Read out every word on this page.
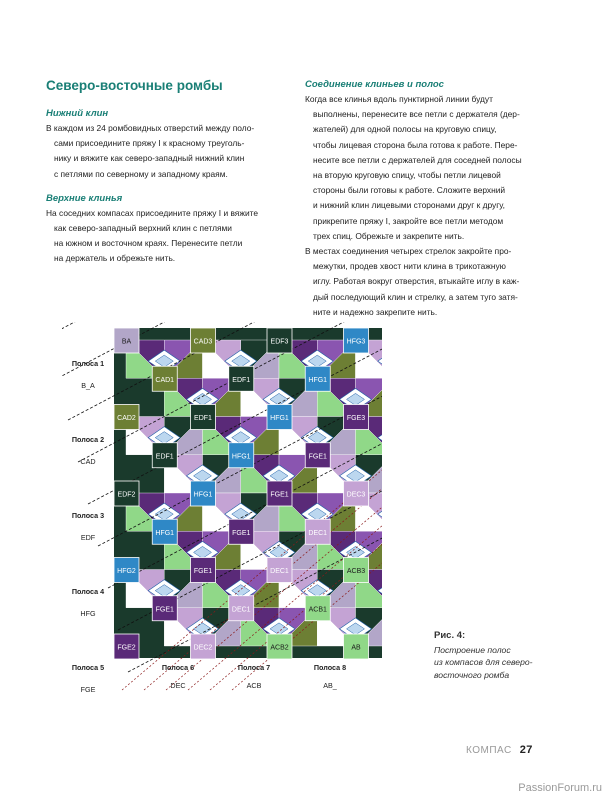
Северо-восточные ромбы
Нижний клин
В каждом из 24 ромбовидных отверстий между поло-
сами присоедините пряжу I к красному треуголь-
нику и вяжите как северо-западный нижний клин
с петлями по северному и западному краям.
Верхние клинья
На соседних компасах присоедините пряжу I и вяжите
как северо-западный верхний клин с петлями
на южном и восточном краях. Перенесите петли
на держатель и обрежьте нить.
Соединение клиньев и полос
Когда все клинья вдоль пунктирной линии будут
выполнены, перенесите все петли с держателя (дер-
жателей) для одной полосы на круговую спицу,
чтобы лицевая сторона была готова к работе. Пере-
несите все петли с держателей для соседней полосы
на вторую круговую спицу, чтобы петли лицевой
стороны были готовы к работе. Сложите верхний
и нижний клин лицевыми сторонами друг к другу,
прикрепите пряжу I, закройте все петли методом
трех спиц. Обрежьте и закрепите нить.
В местах соединения четырех стрелок закройте про-
межутки, продев хвост нити клина в трикотажную
иглу. Работая вокруг отверстия, втыкайте иглу в каж-
дый последующий клин и стрелку, а затем туго затя-
ните и надежно закрепите нить.
BA	CAD3	EDF3	HFG3
CAD1	EDF1	HFG1
CAD2	EDF1	HFG1	FGE3
EDF1	HFG1	FGE1
EDF2	HFG1	FGE1	DEC3
HFG1	FGE1	DEC1
HFG2	FGE1	DEC1	ACB3
FGE1	DEC1	ACB1
FGE2	DEC2	ACB2	AB
Полоса 1
B_A
Полоса 2
CAD
Полоса 3
EDF
Полоса 4
HFG
Полоса 5
FGE
Полоса 6
DEC
Полоса 7
ACB
Полоса 8
AB_
Рис. 4:
Построение полос
из компасов для северо-
восточного ромба
КОМПАС 27
PassionForum.ru
